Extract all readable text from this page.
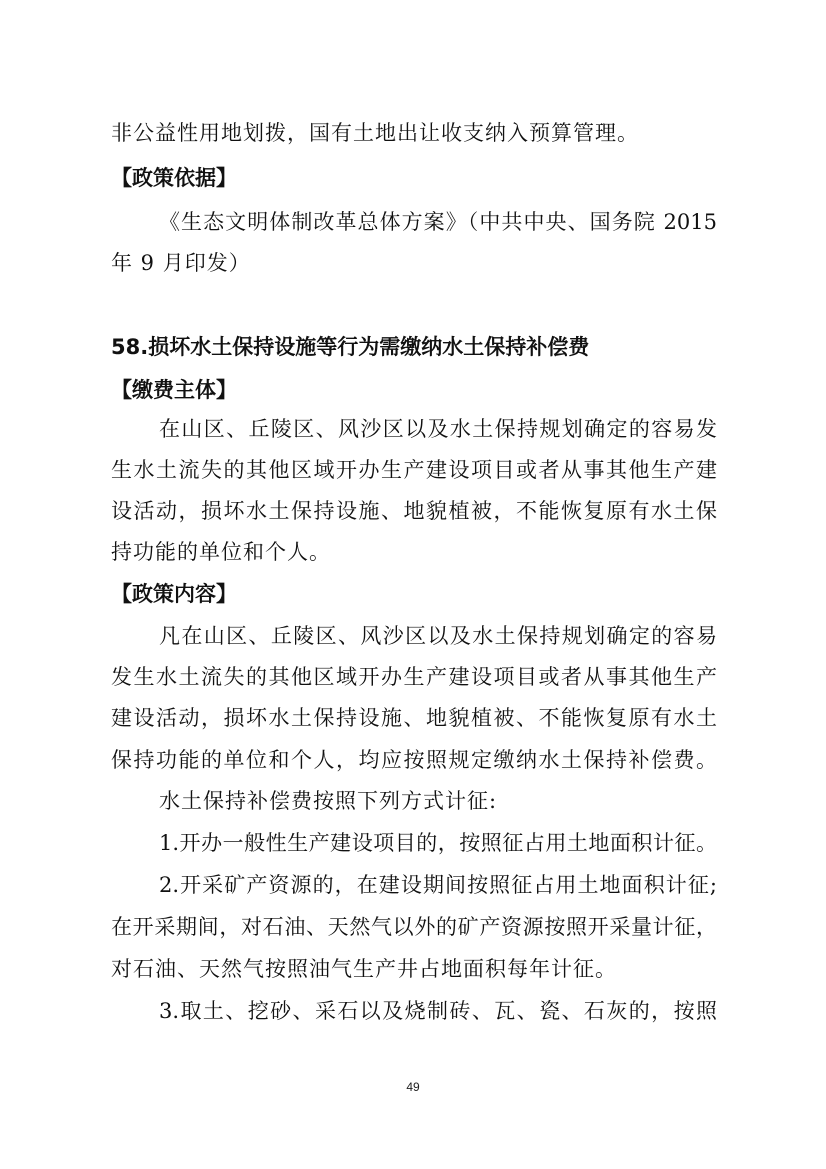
非公益性用地划拨，国有土地出让收支纳入预算管理。
【政策依据】
《生态文明体制改革总体方案》（中共中央、国务院 2015
年 9 月印发）
58.损坏水土保持设施等行为需缴纳水土保持补偿费
【缴费主体】
在山区、丘陵区、风沙区以及水土保持规划确定的容易发
生水土流失的其他区域开办生产建设项目或者从事其他生产建
设活动，损坏水土保持设施、地貌植被，不能恢复原有水土保
持功能的单位和个人。
【政策内容】
凡在山区、丘陵区、风沙区以及水土保持规划确定的容易
发生水土流失的其他区域开办生产建设项目或者从事其他生产
建设活动，损坏水土保持设施、地貌植被、不能恢复原有水土
保持功能的单位和个人，均应按照规定缴纳水土保持补偿费。
水土保持补偿费按照下列方式计征:
1.开办一般性生产建设项目的，按照征占用土地面积计征。
2.开采矿产资源的，在建设期间按照征占用土地面积计征;
在开采期间，对石油、天然气以外的矿产资源按照开采量计征，
对石油、天然气按照油气生产井占地面积每年计征。
3.取土、挖砂、采石以及烧制砖、瓦、瓷、石灰的，按照
49
